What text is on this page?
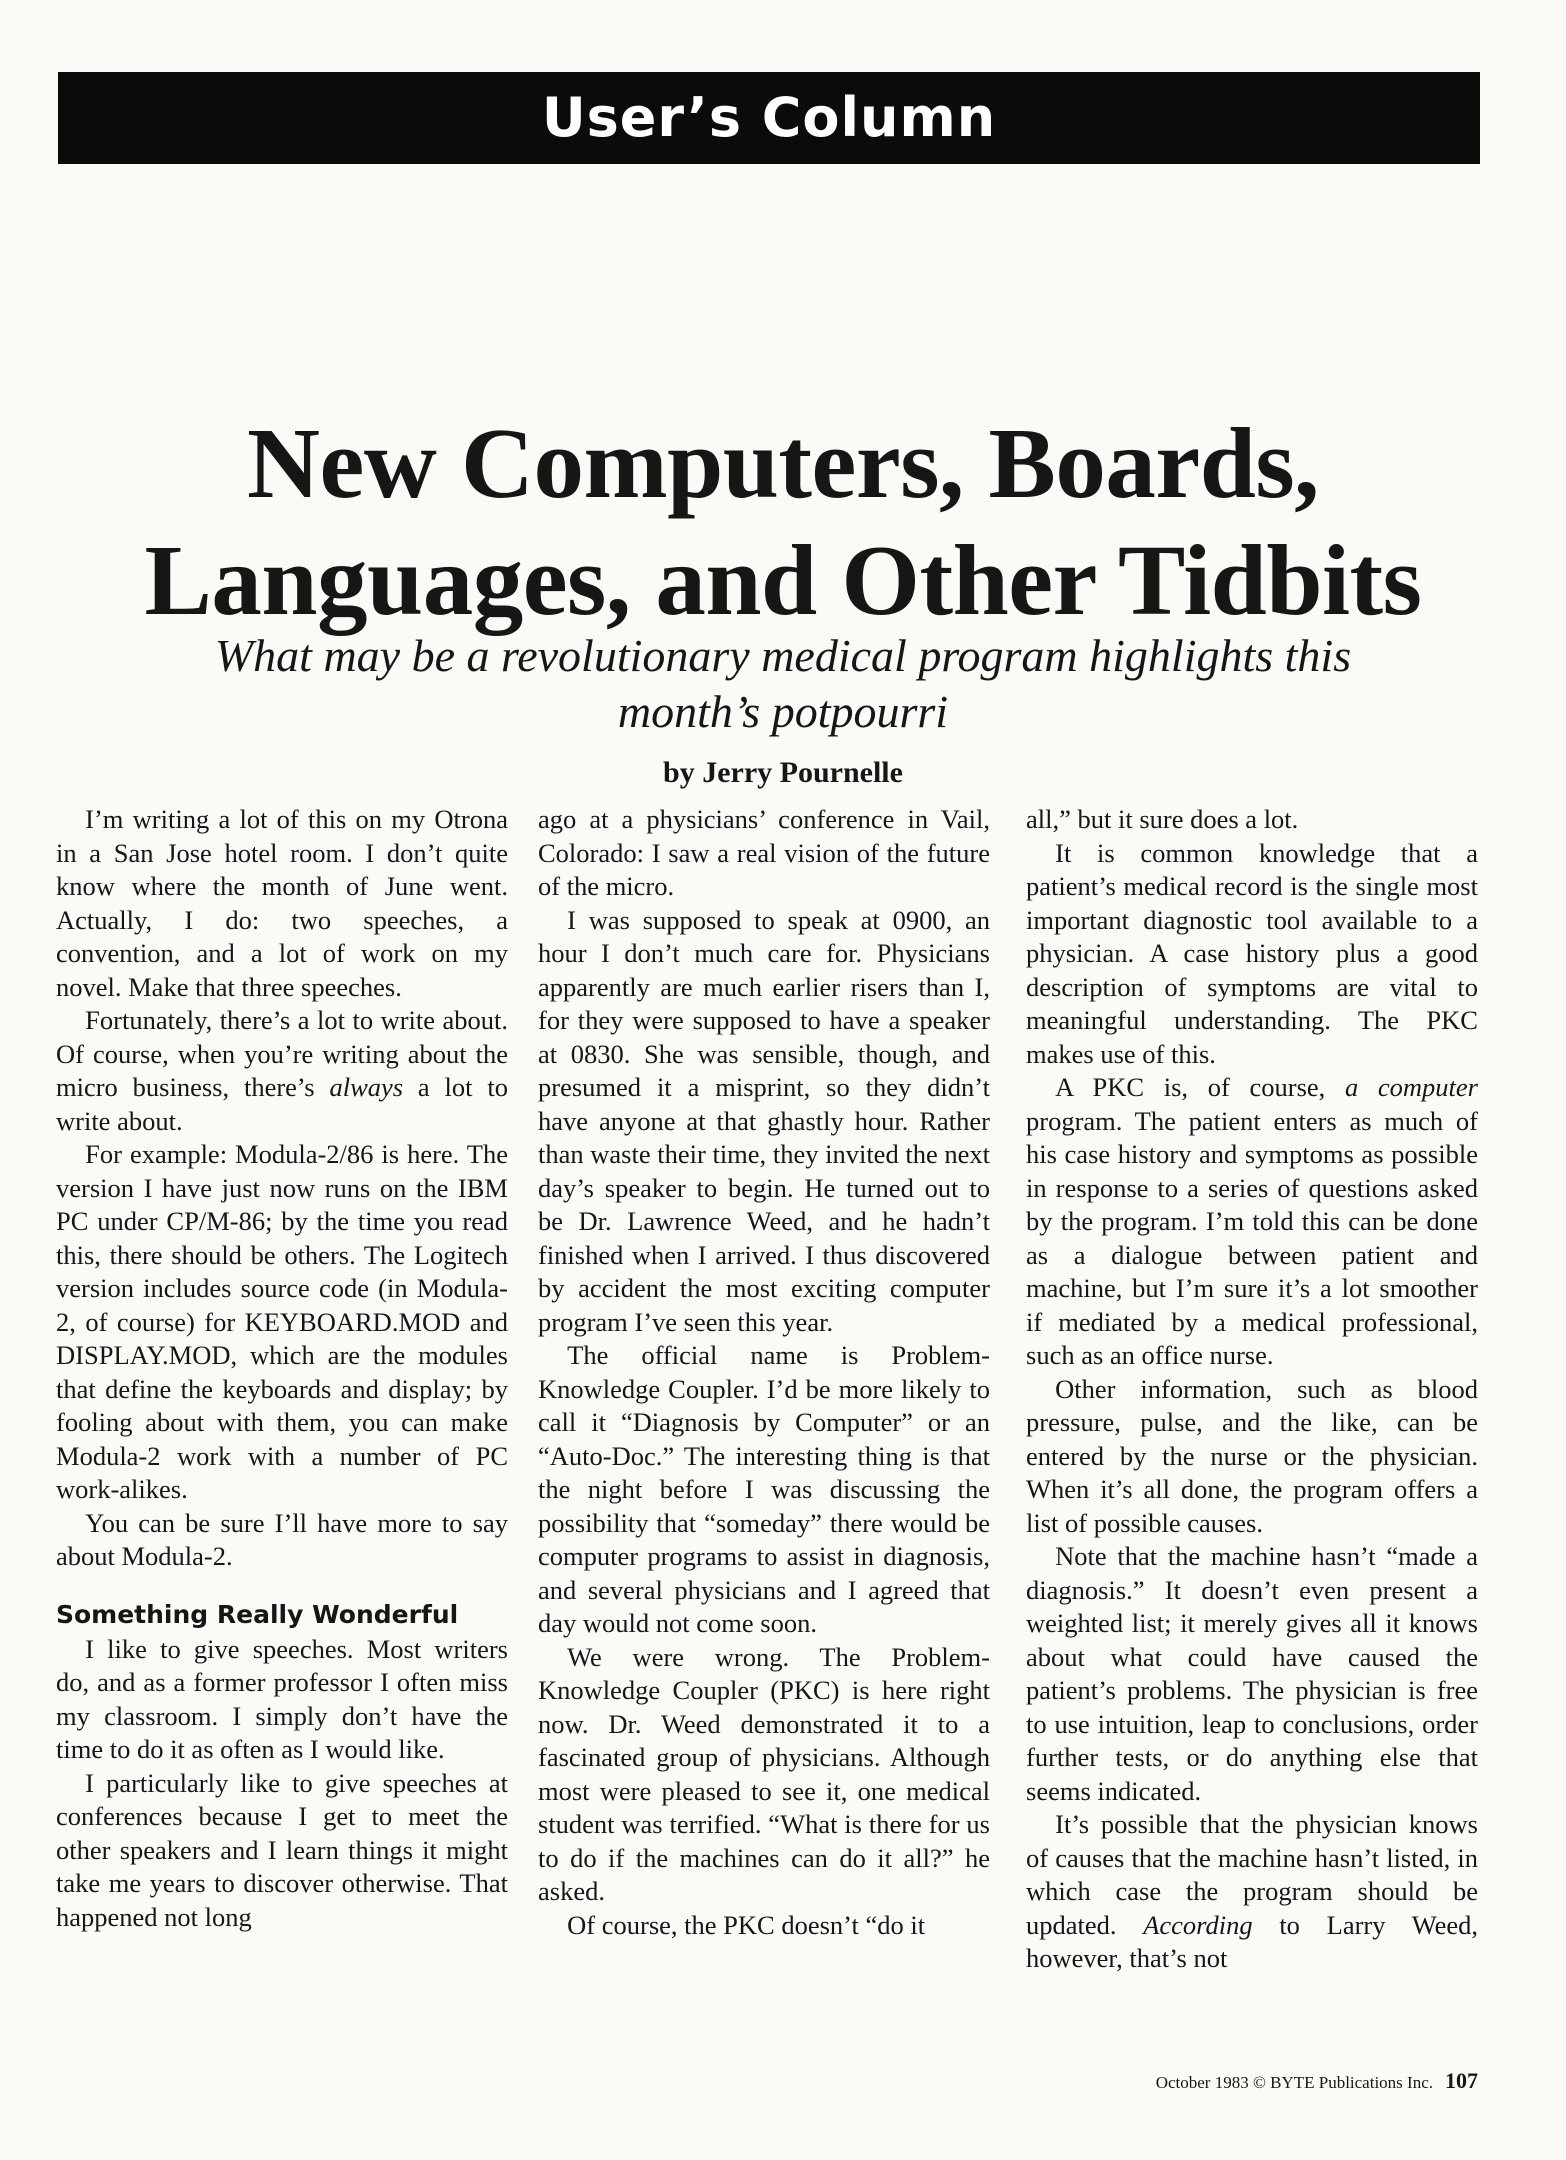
User’s Column
New Computers, Boards,
Languages, and Other Tidbits

What may be a revolutionary medical program highlights this
month’s potpourri

by Jerry Pournelle

I’m writing a lot of this on my Otrona in a San Jose hotel room. I don’t quite know where the month of June went. Actually, I do: two speeches, a convention, and a lot of work on my novel. Make that three speeches.

Fortunately, there’s a lot to write about. Of course, when you’re writing about the micro business, there’s always a lot to write about.

For example: Modula-2/86 is here. The version I have just now runs on the IBM PC under CP/M-86; by the time you read this, there should be others. The Logitech version includes source code (in Modula-2, of course) for KEYBOARD.MOD and DISPLAY.MOD, which are the modules that define the keyboards and display; by fooling about with them, you can make Modula-2 work with a number of PC work-alikes.

You can be sure I’ll have more to say about Modula-2.

Something Really Wonderful

I like to give speeches. Most writers do, and as a former professor I often miss my classroom. I simply don’t have the time to do it as often as I would like.

I particularly like to give speeches at conferences because I get to meet the other speakers and I learn things it might take me years to discover otherwise. That happened not long

ago at a physicians’ conference in Vail, Colorado: I saw a real vision of the future of the micro.

I was supposed to speak at 0900, an hour I don’t much care for. Physicians apparently are much earlier risers than I, for they were supposed to have a speaker at 0830. She was sensible, though, and presumed it a misprint, so they didn’t have anyone at that ghastly hour. Rather than waste their time, they invited the next day’s speaker to begin. He turned out to be Dr. Lawrence Weed, and he hadn’t finished when I arrived. I thus discovered by accident the most exciting computer program I’ve seen this year.

The official name is Problem-Knowledge Coupler. I’d be more likely to call it “Diagnosis by Computer” or an “Auto-Doc.” The interesting thing is that the night before I was discussing the possibility that “someday” there would be computer programs to assist in diagnosis, and several physicians and I agreed that day would not come soon.

We were wrong. The Problem-Knowledge Coupler (PKC) is here right now. Dr. Weed demonstrated it to a fascinated group of physicians. Although most were pleased to see it, one medical student was terrified. “What is there for us to do if the machines can do it all?” he asked.

Of course, the PKC doesn’t “do it

all,” but it sure does a lot.

It is common knowledge that a patient’s medical record is the single most important diagnostic tool available to a physician. A case history plus a good description of symptoms are vital to meaningful understanding. The PKC makes use of this.

A PKC is, of course, a computer program. The patient enters as much of his case history and symptoms as possible in response to a series of questions asked by the program. I’m told this can be done as a dialogue between patient and machine, but I’m sure it’s a lot smoother if mediated by a medical professional, such as an office nurse.

Other information, such as blood pressure, pulse, and the like, can be entered by the nurse or the physician. When it’s all done, the program offers a list of possible causes.

Note that the machine hasn’t “made a diagnosis.” It doesn’t even present a weighted list; it merely gives all it knows about what could have caused the patient’s problems. The physician is free to use intuition, leap to conclusions, order further tests, or do anything else that seems indicated.

It’s possible that the physician knows of causes that the machine hasn’t listed, in which case the program should be updated. According to Larry Weed, however, that’s not

October 1983 © BYTE Publications Inc. 107
